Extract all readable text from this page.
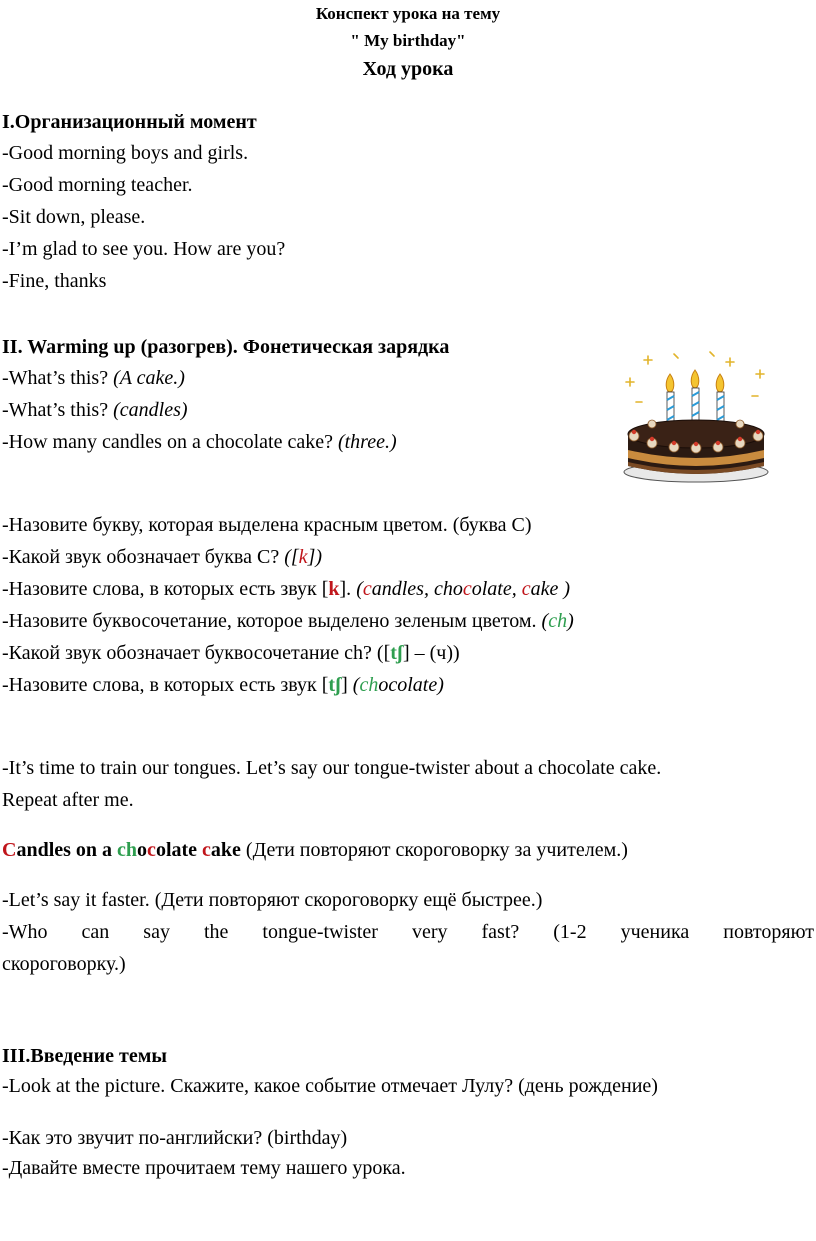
Конспект урока на тему
" My birthday"
Ход урока
I.Организационный момент
-Good morning boys and girls.
-Good morning teacher.
-Sit down, please.
-I’m glad to see you. How are you?
-Fine, thanks
II. Warming up (разогрев). Фонетическая зарядка
-What’s this? (A cake.)
-What’s this? (candles)
-How many candles on a chocolate cake? (three.)
-Назовите букву, которая выделена красным цветом. (буква С)
-Какой звук обозначает буква С? ([k])
-Назовите слова, в которых есть звук [k]. (candles, chocolate, cake )
-Назовите буквосочетание, которое выделено зеленым цветом. (ch)
-Какой звук обозначает буквосочетание ch? ([tʃ] – (ч))
-Назовите слова, в которых есть звук [tʃ] (chocolate)
-It’s time to train our tongues. Let’s say our tongue-twister about a chocolate cake.
Repeat after me.
Candles on a chocolate cake (Дети повторяют скороговорку за учителем.)
-Let’s say it faster. (Дети повторяют скороговорку ещё быстрее.)
-Who can say the tongue-twister very fast? (1-2 ученика повторяют
скороговорку.)
III.Введение темы
-Look at the picture. Скажите, какое событие отмечает Лулу? (день рождение)
-Как это звучит по-английски? (birthday)
-Давайте вместе прочитаем тему нашего урока.
